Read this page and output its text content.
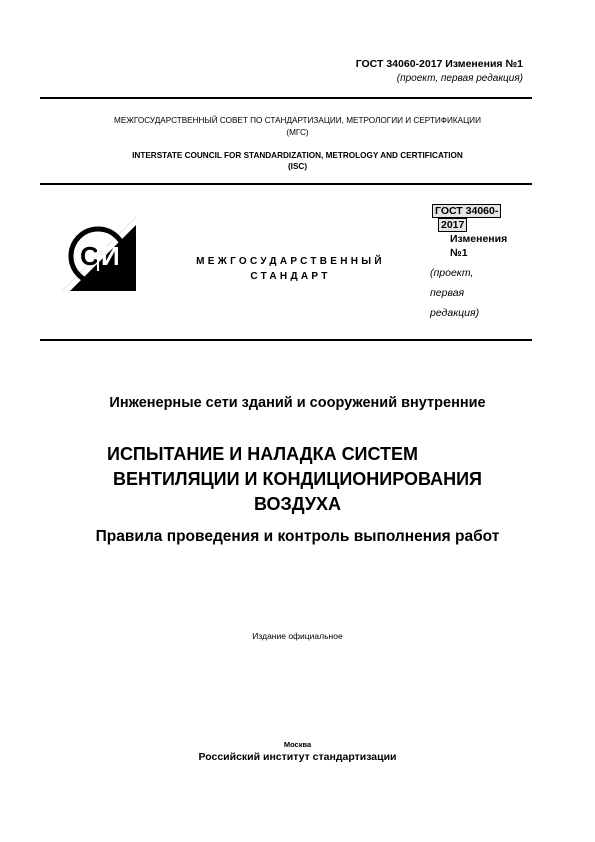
ГОСТ 34060-2017 Изменения №1
(проект, первая редакция)
МЕЖГОСУДАРСТВЕННЫЙ СОВЕТ ПО СТАНДАРТИЗАЦИИ, МЕТРОЛОГИИ И СЕРТИФИКАЦИИ
(МГС)
INTERSTATE COUNCIL FOR STANDARDIZATION, METROLOGY AND CERTIFICATION
(ISC)
С И	МЕЖГОСУДАРСТВЕННЫЙ
СТАНДАРТ
ГОСТ 34060-
2017
Изменения
№1
(проект,
первая
редакция)
Инженерные сети зданий и сооружений внутренние
ИСПЫТАНИЕ И НАЛАДКА СИСТЕМ
ВЕНТИЛЯЦИИ И КОНДИЦИОНИРОВАНИЯ
ВОЗДУХА
Правила проведения и контроль выполнения работ
Издание официальное
Москва
Российский институт стандартизации
